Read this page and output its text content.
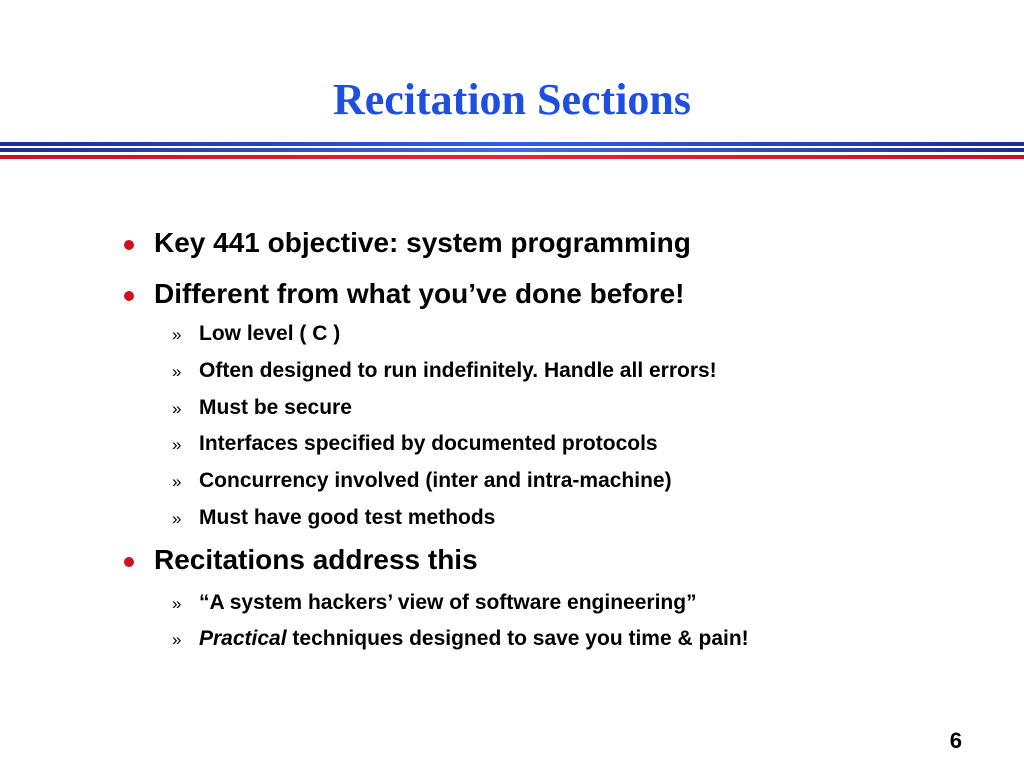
Recitation Sections
Key 441 objective: system programming
Different from what you’ve done before!
» Low level ( C )
» Often designed to run indefinitely. Handle all errors!
» Must be secure
» Interfaces specified by documented protocols
» Concurrency involved (inter and intra-machine)
» Must have good test methods
Recitations address this
» “A system hackers’ view of software engineering”
» Practical techniques designed to save you time & pain!
6
